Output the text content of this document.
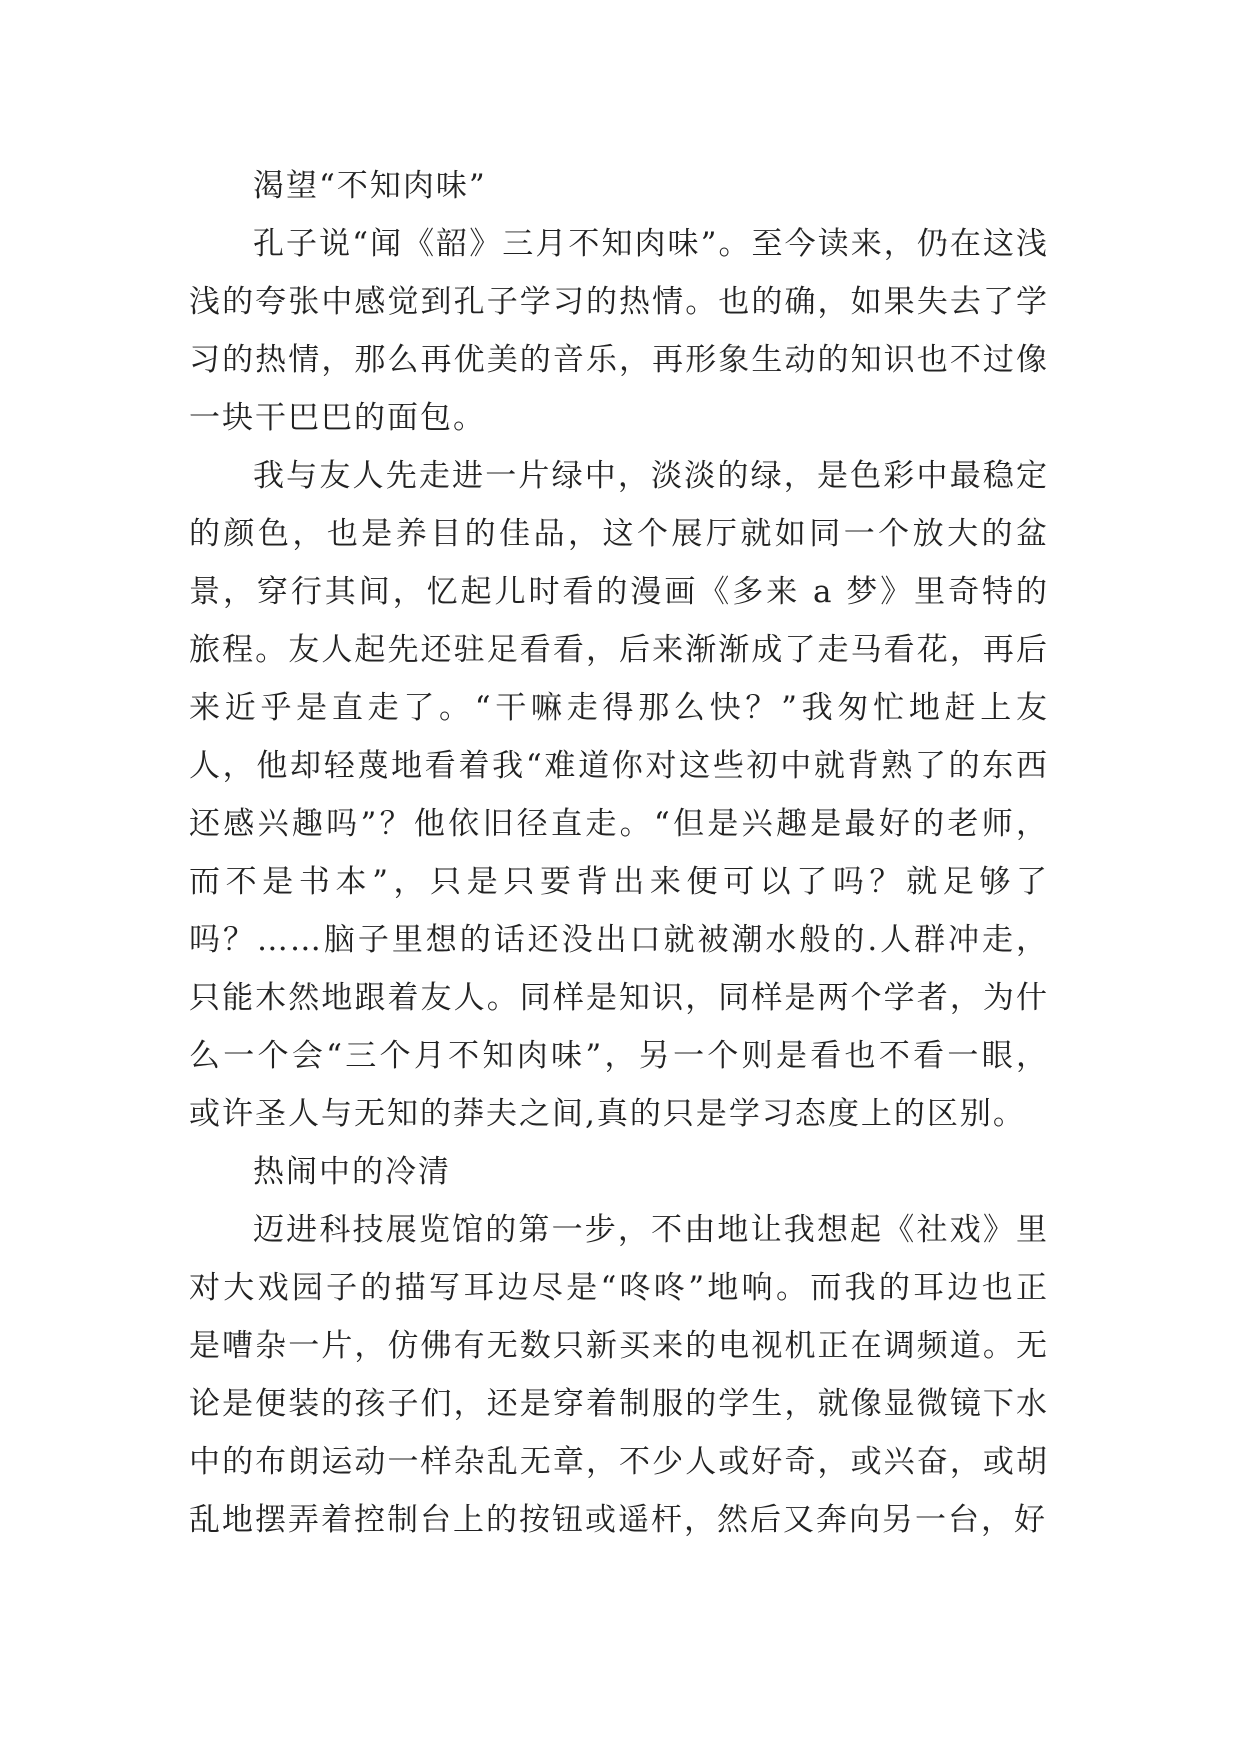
渴望“不知肉味”

孔子说“闻《韶》三月不知肉味”。至今读来，仍在这浅浅的夸张中感觉到孔子学习的热情。也的确，如果失去了学习的热情，那么再优美的音乐，再形象生动的知识也不过像一块干巴巴的面包。

我与友人先走进一片绿中，淡淡的绿，是色彩中最稳定的颜色，也是养目的佳品，这个展厅就如同一个放大的盆景，穿行其间，忆起儿时看的漫画《多来 a 梦》里奇特的旅程。友人起先还驻足看看，后来渐渐成了走马看花，再后来近乎是直走了。“干嘛走得那么快？”我匆忙地赶上友人，他却轻蔑地看着我“难道你对这些初中就背熟了的东西还感兴趣吗”？他依旧径直走。“但是兴趣是最好的老师，而不是书本”，只是只要背出来便可以了吗？就足够了吗？……脑子里想的话还没出口就被潮水般的.人群冲走，只能木然地跟着友人。同样是知识，同样是两个学者，为什么一个会“三个月不知肉味”，另一个则是看也不看一眼，或许圣人与无知的莽夫之间,真的只是学习态度上的区别。

热闹中的冷清

迈进科技展览馆的第一步，不由地让我想起《社戏》里对大戏园子的描写耳边尽是“咚咚”地响。而我的耳边也正是嘈杂一片，仿佛有无数只新买来的电视机正在调频道。无论是便装的孩子们，还是穿着制服的学生，就像显微镜下水中的布朗运动一样杂乱无章，不少人或好奇，或兴奋，或胡乱地摆弄着控制台上的按钮或遥杆，然后又奔向另一台，好
